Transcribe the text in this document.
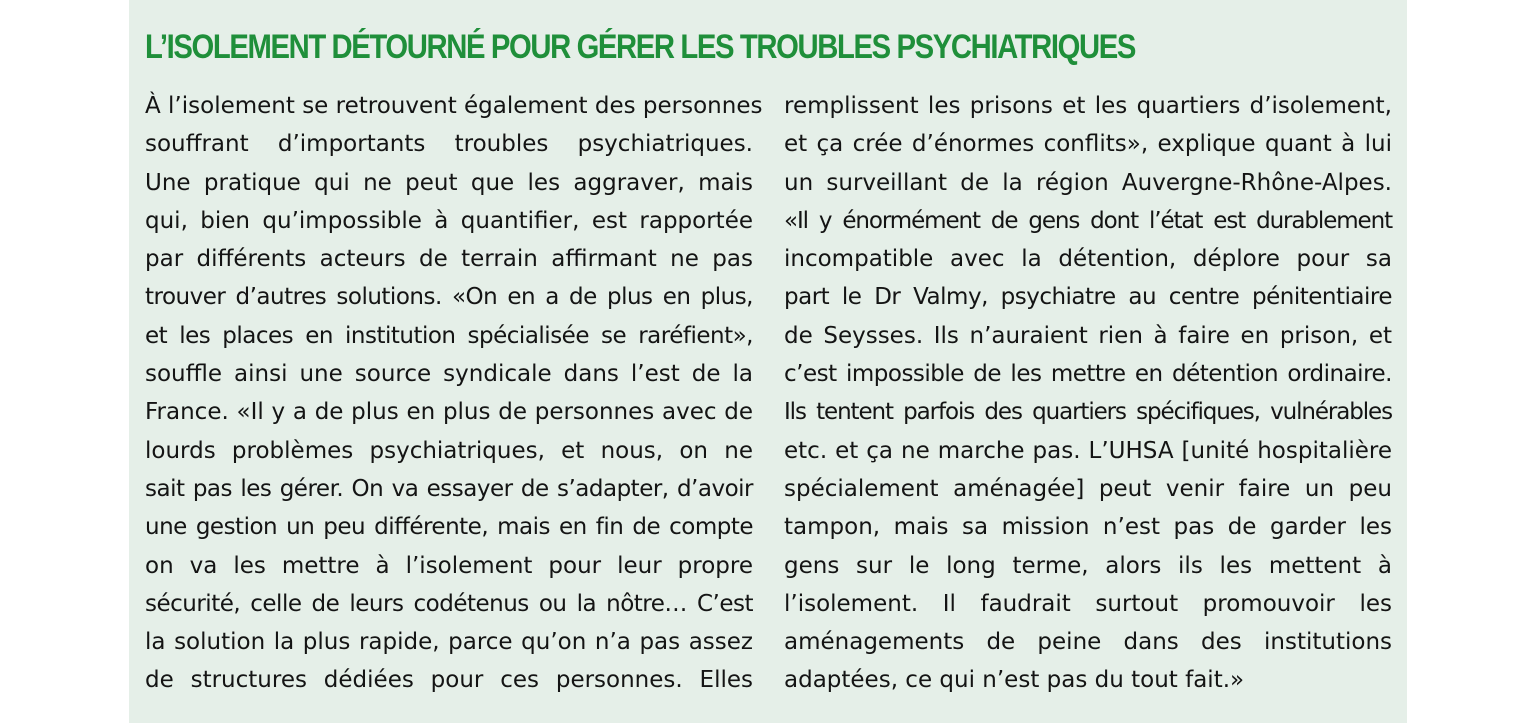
L’ISOLEMENT DÉTOURNÉ POUR GÉRER LES TROUBLES PSYCHIATRIQUES
À l’isolement se retrouvent également des personnes
souffrant d’importants troubles psychiatriques.
Une pratique qui ne peut que les aggraver, mais
qui, bien qu’impossible à quantifier, est rapportée
par différents acteurs de terrain affirmant ne pas
trouver d’autres solutions. «On en a de plus en plus,
et les places en institution spécialisée se raréfient»,
souffle ainsi une source syndicale dans l’est de la
France. «Il y a de plus en plus de personnes avec de
lourds problèmes psychiatriques, et nous, on ne
sait pas les gérer. On va essayer de s’adapter, d’avoir
une gestion un peu différente, mais en fin de compte
on va les mettre à l’isolement pour leur propre
sécurité, celle de leurs codétenus ou la nôtre… C’est
la solution la plus rapide, parce qu’on n’a pas assez
de structures dédiées pour ces personnes. Elles
remplissent les prisons et les quartiers d’isolement,
et ça crée d’énormes conflits», explique quant à lui
un surveillant de la région Auvergne-Rhône-Alpes.
«Il y énormément de gens dont l’état est durablement
incompatible avec la détention, déplore pour sa
part le Dr Valmy, psychiatre au centre pénitentiaire
de Seysses. Ils n’auraient rien à faire en prison, et
c’est impossible de les mettre en détention ordinaire.
Ils tentent parfois des quartiers spécifiques, vulnérables
etc. et ça ne marche pas. L’UHSA [unité hospitalière
spécialement aménagée] peut venir faire un peu
tampon, mais sa mission n’est pas de garder les
gens sur le long terme, alors ils les mettent à
l’isolement. Il faudrait surtout promouvoir les
aménagements de peine dans des institutions
adaptées, ce qui n’est pas du tout fait.»
